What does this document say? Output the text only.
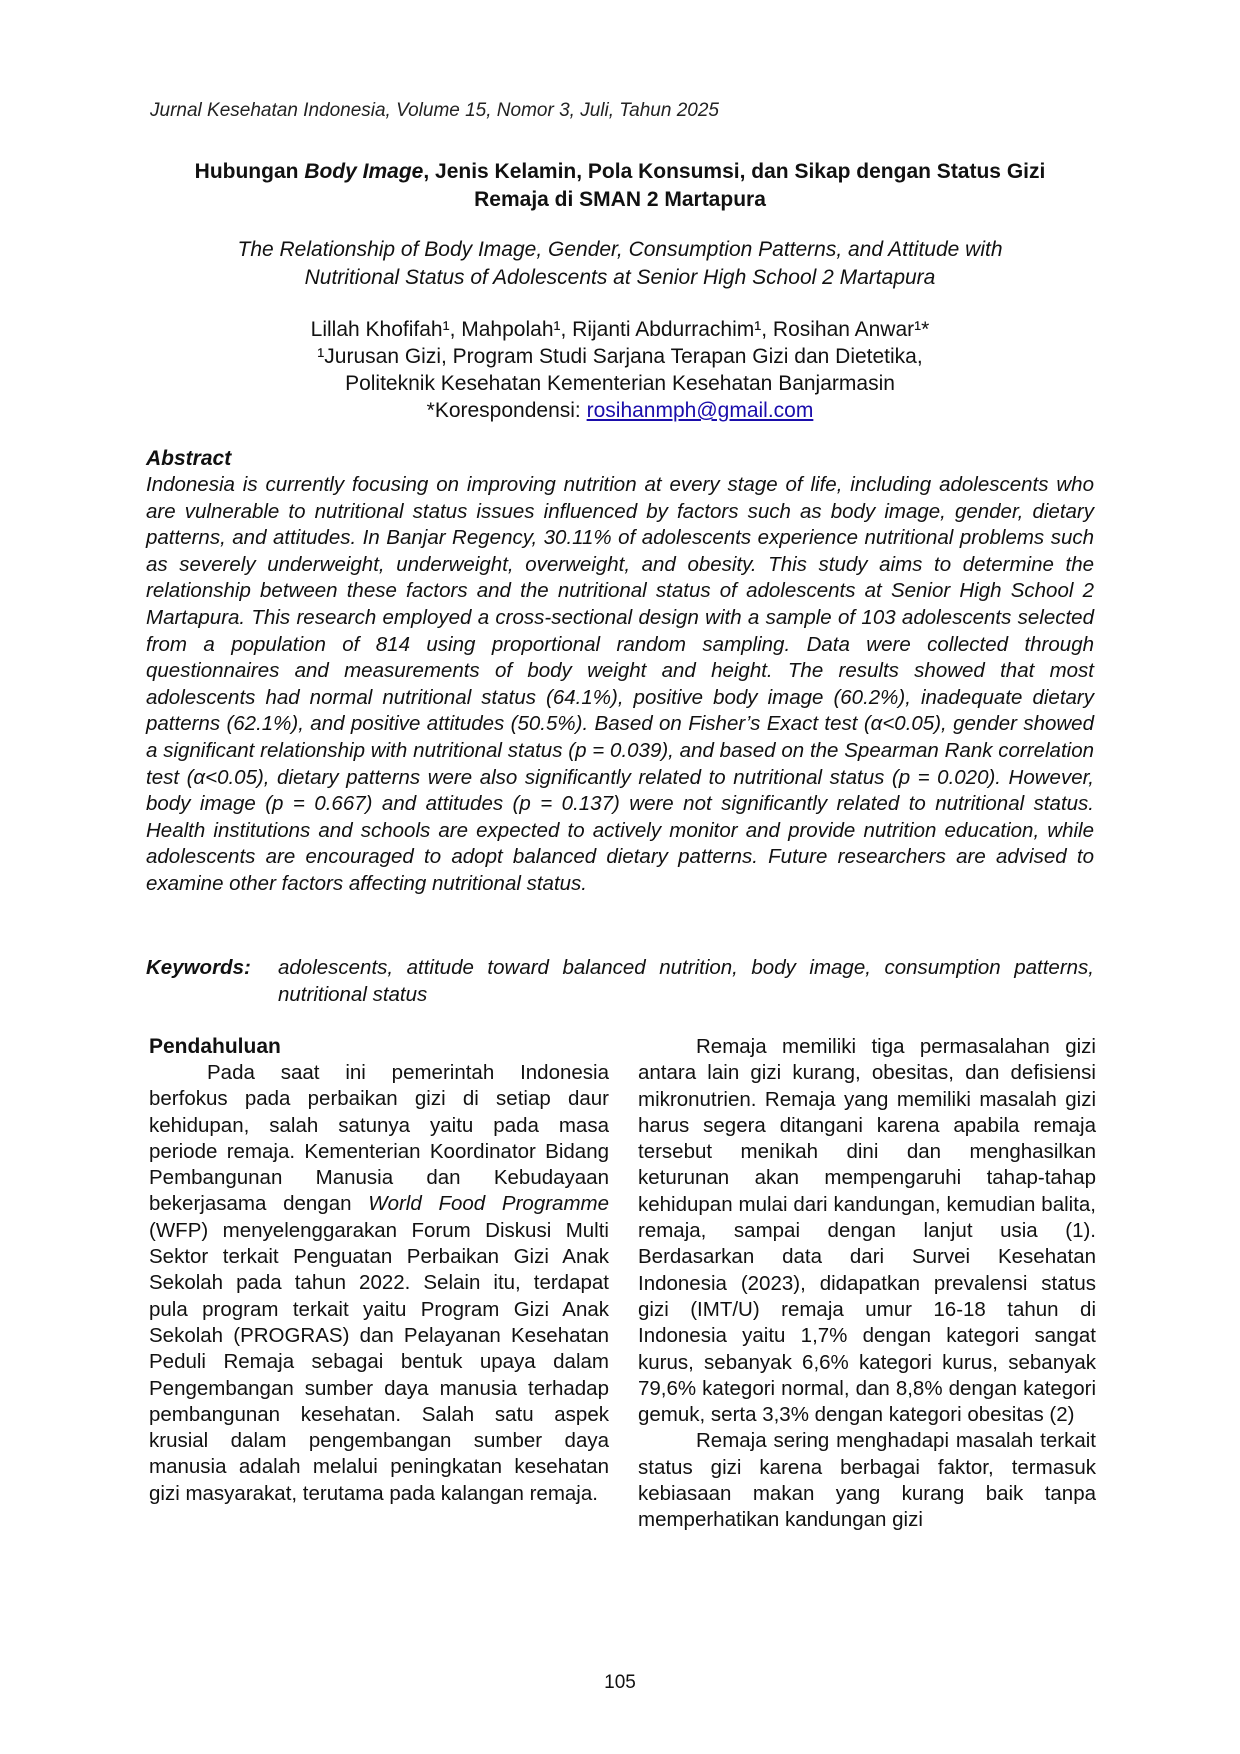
Jurnal Kesehatan Indonesia, Volume 15, Nomor 3, Juli, Tahun 2025
Hubungan Body Image, Jenis Kelamin, Pola Konsumsi, dan Sikap dengan Status Gizi
Remaja di SMAN 2 Martapura
The Relationship of Body Image, Gender, Consumption Patterns, and Attitude with
Nutritional Status of Adolescents at Senior High School 2 Martapura
Lillah Khofifah¹, Mahpolah¹, Rijanti Abdurrachim¹, Rosihan Anwar¹*
¹Jurusan Gizi, Program Studi Sarjana Terapan Gizi dan Dietetika,
Politeknik Kesehatan Kementerian Kesehatan Banjarmasin
*Korespondensi: rosihanmph@gmail.com
Abstract

Indonesia is currently focusing on improving nutrition at every stage of life, including adolescents who are vulnerable to nutritional status issues influenced by factors such as body image, gender, dietary patterns, and attitudes. In Banjar Regency, 30.11% of adolescents experience nutritional problems such as severely underweight, underweight, overweight, and obesity. This study aims to determine the relationship between these factors and the nutritional status of adolescents at Senior High School 2 Martapura. This research employed a cross-sectional design with a sample of 103 adolescents selected from a population of 814 using proportional random sampling. Data were collected through questionnaires and measurements of body weight and height. The results showed that most adolescents had normal nutritional status (64.1%), positive body image (60.2%), inadequate dietary patterns (62.1%), and positive attitudes (50.5%). Based on Fisher’s Exact test (α<0.05), gender showed a significant relationship with nutritional status (p = 0.039), and based on the Spearman Rank correlation test (α<0.05), dietary patterns were also significantly related to nutritional status (p = 0.020). However, body image (p = 0.667) and attitudes (p = 0.137) were not significantly related to nutritional status. Health institutions and schools are expected to actively monitor and provide nutrition education, while adolescents are encouraged to adopt balanced dietary patterns. Future researchers are advised to examine other factors affecting nutritional status.

Keywords:	adolescents, attitude toward balanced nutrition, body image, consumption patterns, nutritional status
Pendahuluan

Pada saat ini pemerintah Indonesia berfokus pada perbaikan gizi di setiap daur kehidupan, salah satunya yaitu pada masa periode remaja. Kementerian Koordinator Bidang Pembangunan Manusia dan Kebudayaan bekerjasama dengan World Food Programme (WFP) menyelenggarakan Forum Diskusi Multi Sektor terkait Penguatan Perbaikan Gizi Anak Sekolah pada tahun 2022. Selain itu, terdapat pula program terkait yaitu Program Gizi Anak Sekolah (PROGRAS) dan Pelayanan Kesehatan Peduli Remaja sebagai bentuk upaya dalam Pengembangan sumber daya manusia terhadap pembangunan kesehatan. Salah satu aspek krusial dalam pengembangan sumber daya manusia adalah melalui peningkatan kesehatan gizi masyarakat, terutama pada kalangan remaja.

Remaja memiliki tiga permasalahan gizi antara lain gizi kurang, obesitas, dan defisiensi mikronutrien. Remaja yang memiliki masalah gizi harus segera ditangani karena apabila remaja tersebut menikah dini dan menghasilkan keturunan akan mempengaruhi tahap-tahap kehidupan mulai dari kandungan, kemudian balita, remaja, sampai dengan lanjut usia (1). Berdasarkan data dari Survei Kesehatan Indonesia (2023), didapatkan prevalensi status gizi (IMT/U) remaja umur 16-18 tahun di Indonesia yaitu 1,7% dengan kategori sangat kurus, sebanyak 6,6% kategori kurus, sebanyak 79,6% kategori normal, dan 8,8% dengan kategori gemuk, serta 3,3% dengan kategori obesitas (2)

Remaja sering menghadapi masalah terkait status gizi karena berbagai faktor, termasuk kebiasaan makan yang kurang baik tanpa memperhatikan kandungan gizi

105
